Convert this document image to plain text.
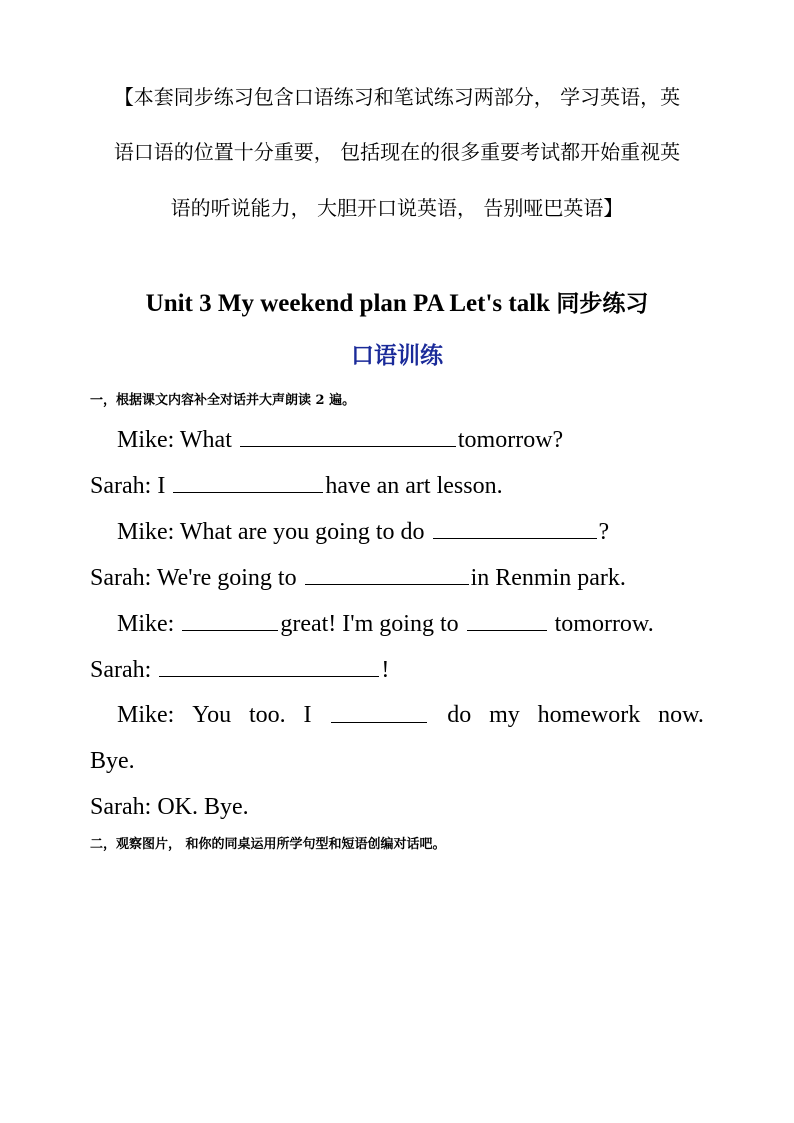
【本套同步练习包含口语练习和笔试练习两部分， 学习英语，英
语口语的位置十分重要， 包括现在的很多重要考试都开始重视英
语的听说能力， 大胆开口说英语， 告别哑巴英语】
Unit 3 My weekend plan PA Let's talk 同步练习
口语训练
一，根据课文内容补全对话并大声朗读 2 遍。
Mike: What	tomorrow?
Sarah: I	have an art lesson.
Mike: What are you going to do	?
Sarah: We're going to	in Renmin park.
Mike:	great! I'm going to	tomorrow.
Sarah:	!
Mike: You too. I	do my homework now.
Bye.
Sarah: OK. Bye.
二，观察图片， 和你的同桌运用所学句型和短语创编对话吧。
